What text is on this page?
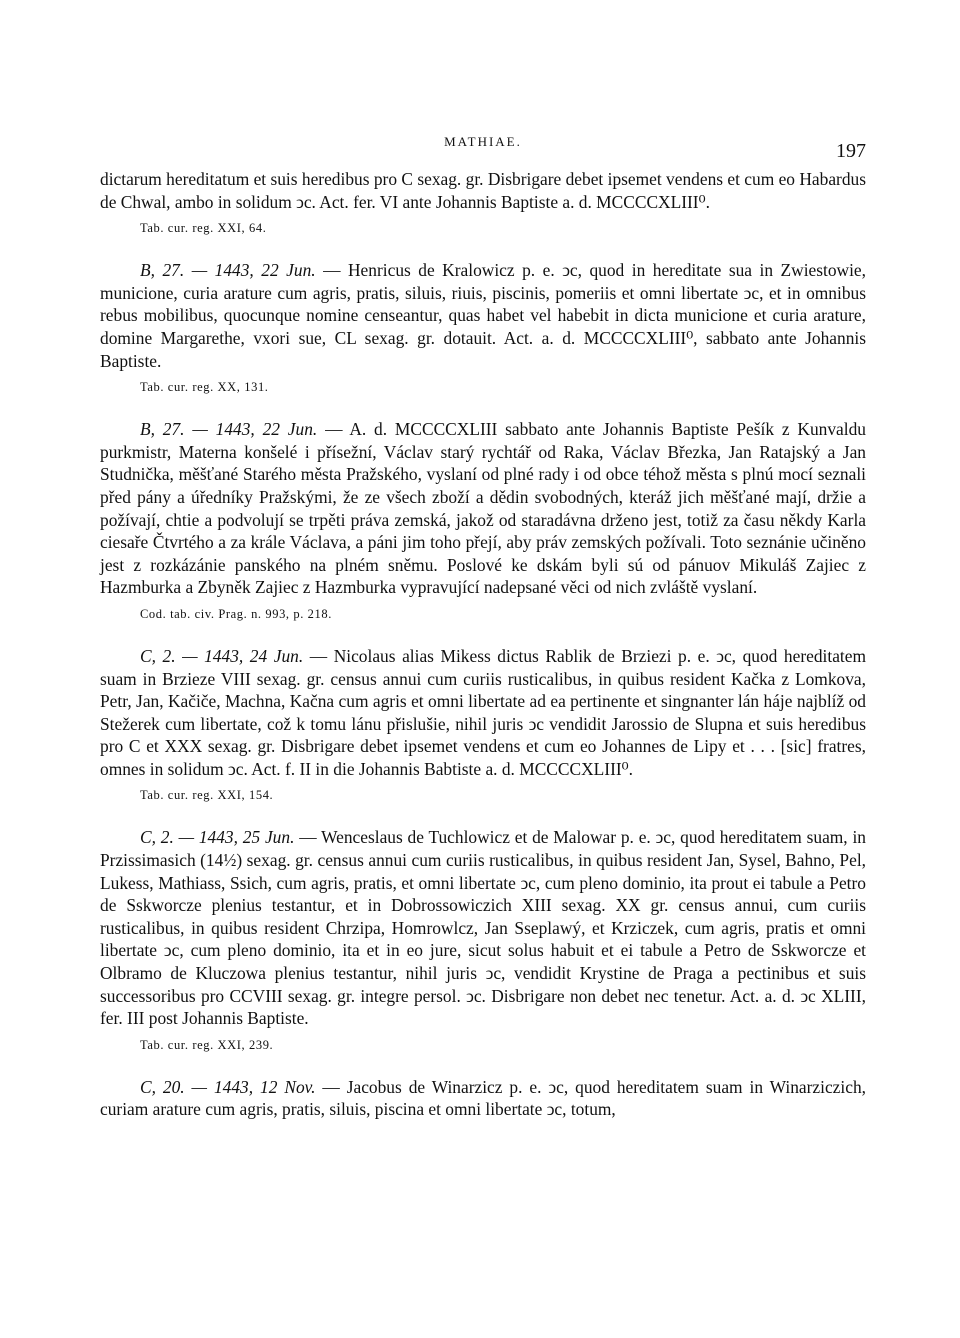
MATHIAE.	197

dictarum hereditatum et suis heredibus pro C sexag. gr. Disbrigare debet ipsemet vendens et cum eo Habardus de Chwal, ambo in solidum ↄc. Act. fer. VI ante Johannis Baptiste a. d. MCCCCXLIII⁰.

Tab. cur. reg. XXI, 64.

B, 27. — 1443, 22 Jun. — Henricus de Kralowicz p. e. ↄc, quod in hereditate sua in Zwiestowie, municione, curia arature cum agris, pratis, siluis, riuis, piscinis, pomeriis et omni libertate ↄc, et in omnibus rebus mobilibus, quocunque nomine censeantur, quas habet vel habebit in dicta municione et curia arature, domine Margarethe, vxori sue, CL sexag. gr. dotauit. Act. a. d. MCCCCXLIII⁰, sabbato ante Johannis Baptiste.

Tab. cur. reg. XX, 131.

B, 27. — 1443, 22 Jun. — A. d. MCCCCXLIII sabbato ante Johannis Baptiste Pešík z Kunvaldu purkmistr, Materna konšelé i přísežní, Václav starý rychtář od Raka, Václav Březka, Jan Ratajský a Jan Studnička, měšťané Starého města Pražského, vyslaní od plné rady i od obce téhož města s plnú mocí seznali před pány a úředníky Pražskými, že ze všech zboží a dědin svobodných, kteráž jich měšťané mají, držie a požívají, chtie a podvolují se trpěti práva zemská, jakož od staradávna drženo jest, totiž za času někdy Karla ciesaře Čtvrtého a za krále Václava, a páni jim toho přejí, aby práv zemských požívali. Toto seznánie učiněno jest z rozkázánie panského na plném sněmu. Poslové ke dskám byli sú od pánuov Mikuláš Zajiec z Hazmburka a Zbyněk Zajiec z Hazmburka vypravující nadepsané věci od nich zvláště vyslaní.

Cod. tab. civ. Prag. n. 993, p. 218.

C, 2. — 1443, 24 Jun. — Nicolaus alias Mikess dictus Rablik de Brziezi p. e. ↄc, quod hereditatem suam in Brzieze VIII sexag. gr. census annui cum curiis rusticalibus, in quibus resident Kačka z Lomkova, Petr, Jan, Kačiče, Machna, Kačna cum agris et omni libertate ad ea pertinente et singnanter lán háje najblíž od Stežerek cum libertate, což k tomu lánu přislušie, nihil juris ↄc vendidit Jarossio de Slupna et suis heredibus pro C et XXX sexag. gr. Disbrigare debet ipsemet vendens et cum eo Johannes de Lipy et . . . [sic] fratres, omnes in solidum ↄc. Act. f. II in die Johannis Babtiste a. d. MCCCCXLIII⁰.

Tab. cur. reg. XXI, 154.

C, 2. — 1443, 25 Jun. — Wenceslaus de Tuchlowicz et de Malowar p. e. ↄc, quod hereditatem suam, in Przissimasich (14½) sexag. gr. census annui cum curiis rusticalibus, in quibus resident Jan, Sysel, Bahno, Pel, Lukess, Mathiass, Ssich, cum agris, pratis, et omni libertate ↄc, cum pleno dominio, ita prout ei tabule a Petro de Sskworcze plenius testantur, et in Dobrossowiczich XIII sexag. XX gr. census annui, cum curiis rusticalibus, in quibus resident Chrzipa, Homrowlcz, Jan Sseplawý, et Krziczek, cum agris, pratis et omni libertate ↄc, cum pleno dominio, ita et in eo jure, sicut solus habuit et ei tabule a Petro de Sskworcze et Olbramo de Kluczowa plenius testantur, nihil juris ↄc, vendidit Krystine de Praga a pectinibus et suis successoribus pro CCVIII sexag. gr. integre persol. ↄc. Disbrigare non debet nec tenetur. Act. a. d. ↄc XLIII, fer. III post Johannis Baptiste.

Tab. cur. reg. XXI, 239.

C, 20. — 1443, 12 Nov. — Jacobus de Winarzicz p. e. ↄc, quod hereditatem suam in Winarziczich, curiam arature cum agris, pratis, siluis, piscina et omni libertate ↄc, totum,
